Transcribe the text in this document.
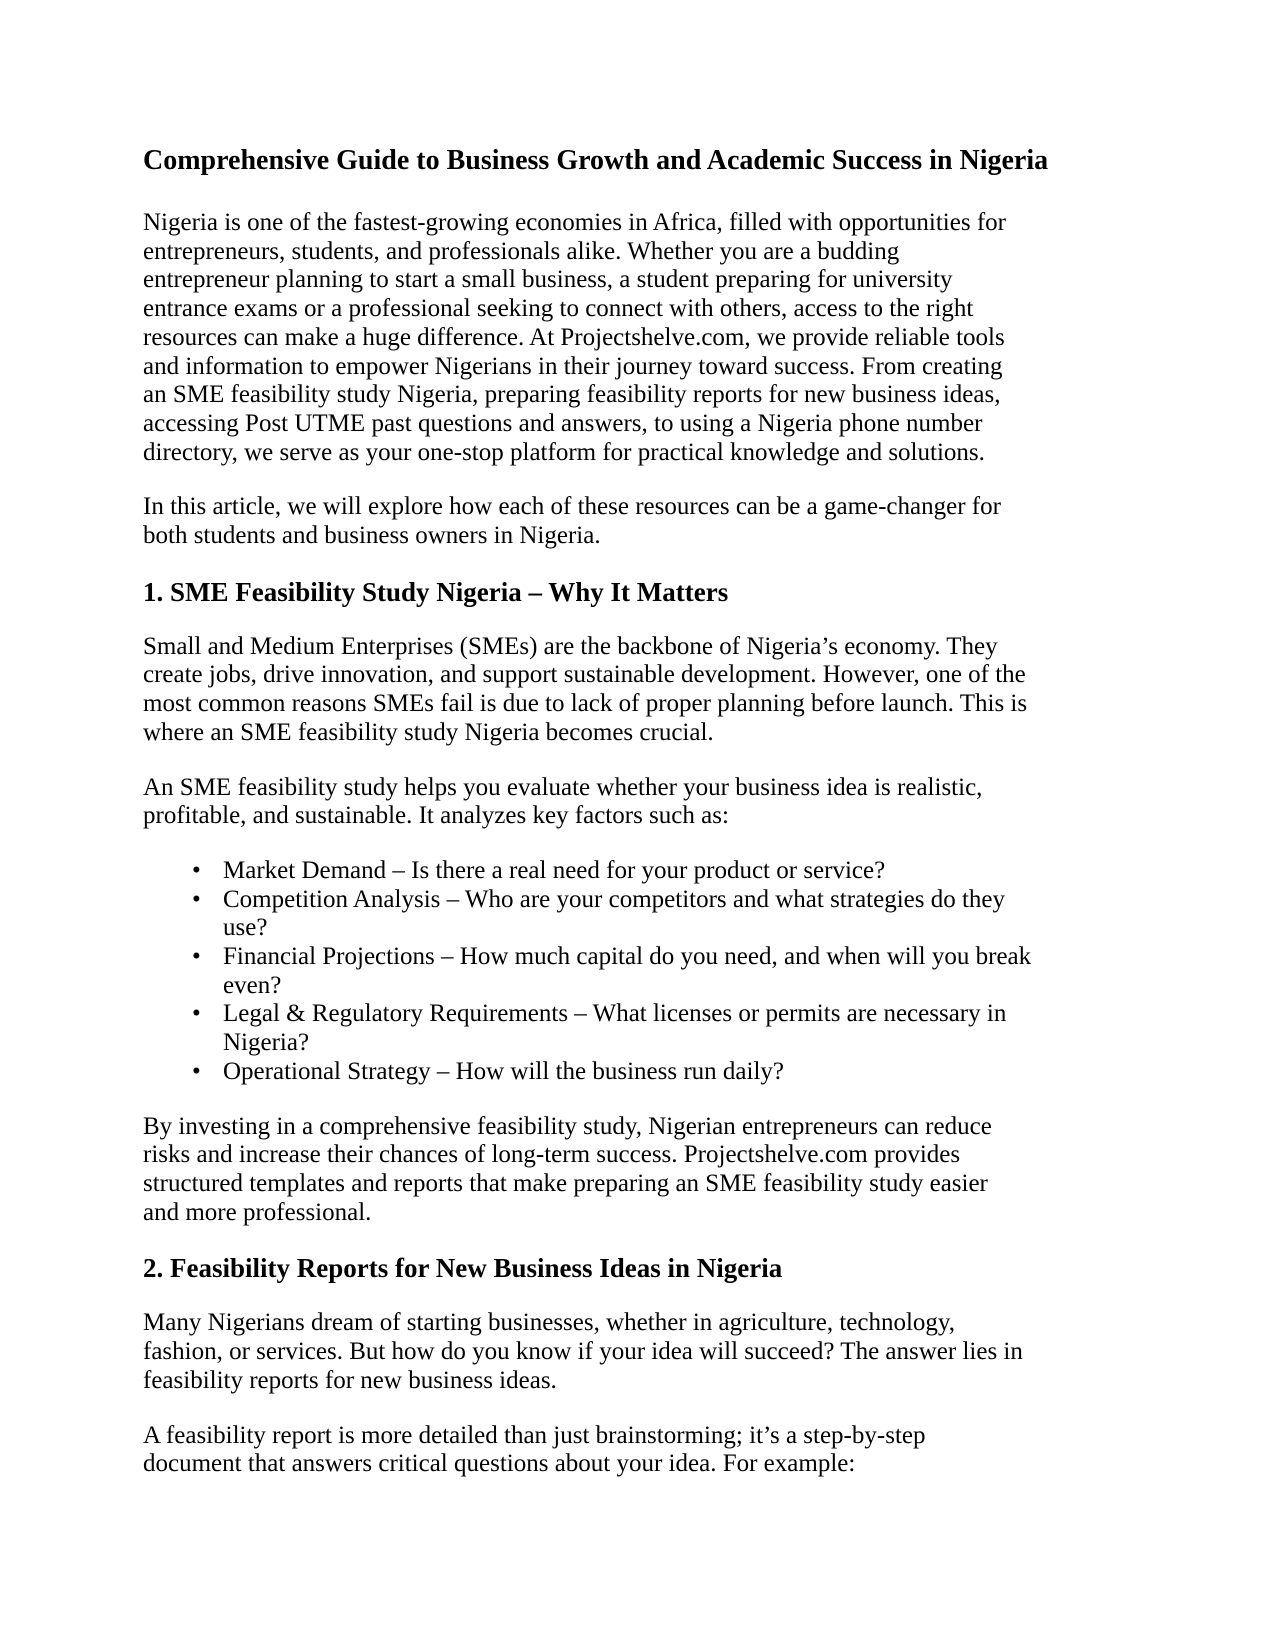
Comprehensive Guide to Business Growth and Academic Success in Nigeria

Nigeria is one of the fastest-growing economies in Africa, filled with opportunities for
entrepreneurs, students, and professionals alike. Whether you are a budding
entrepreneur planning to start a small business, a student preparing for university
entrance exams or a professional seeking to connect with others, access to the right
resources can make a huge difference. At Projectshelve.com, we provide reliable tools
and information to empower Nigerians in their journey toward success. From creating
an SME feasibility study Nigeria, preparing feasibility reports for new business ideas,
accessing Post UTME past questions and answers, to using a Nigeria phone number
directory, we serve as your one-stop platform for practical knowledge and solutions.

In this article, we will explore how each of these resources can be a game-changer for
both students and business owners in Nigeria.

1. SME Feasibility Study Nigeria – Why It Matters

Small and Medium Enterprises (SMEs) are the backbone of Nigeria’s economy. They
create jobs, drive innovation, and support sustainable development. However, one of the
most common reasons SMEs fail is due to lack of proper planning before launch. This is
where an SME feasibility study Nigeria becomes crucial.

An SME feasibility study helps you evaluate whether your business idea is realistic,
profitable, and sustainable. It analyzes key factors such as:

• Market Demand – Is there a real need for your product or service?
• Competition Analysis – Who are your competitors and what strategies do they
use?
• Financial Projections – How much capital do you need, and when will you break
even?
• Legal & Regulatory Requirements – What licenses or permits are necessary in
Nigeria?
• Operational Strategy – How will the business run daily?

By investing in a comprehensive feasibility study, Nigerian entrepreneurs can reduce
risks and increase their chances of long-term success. Projectshelve.com provides
structured templates and reports that make preparing an SME feasibility study easier
and more professional.

2. Feasibility Reports for New Business Ideas in Nigeria

Many Nigerians dream of starting businesses, whether in agriculture, technology,
fashion, or services. But how do you know if your idea will succeed? The answer lies in
feasibility reports for new business ideas.

A feasibility report is more detailed than just brainstorming; it’s a step-by-step
document that answers critical questions about your idea. For example:
